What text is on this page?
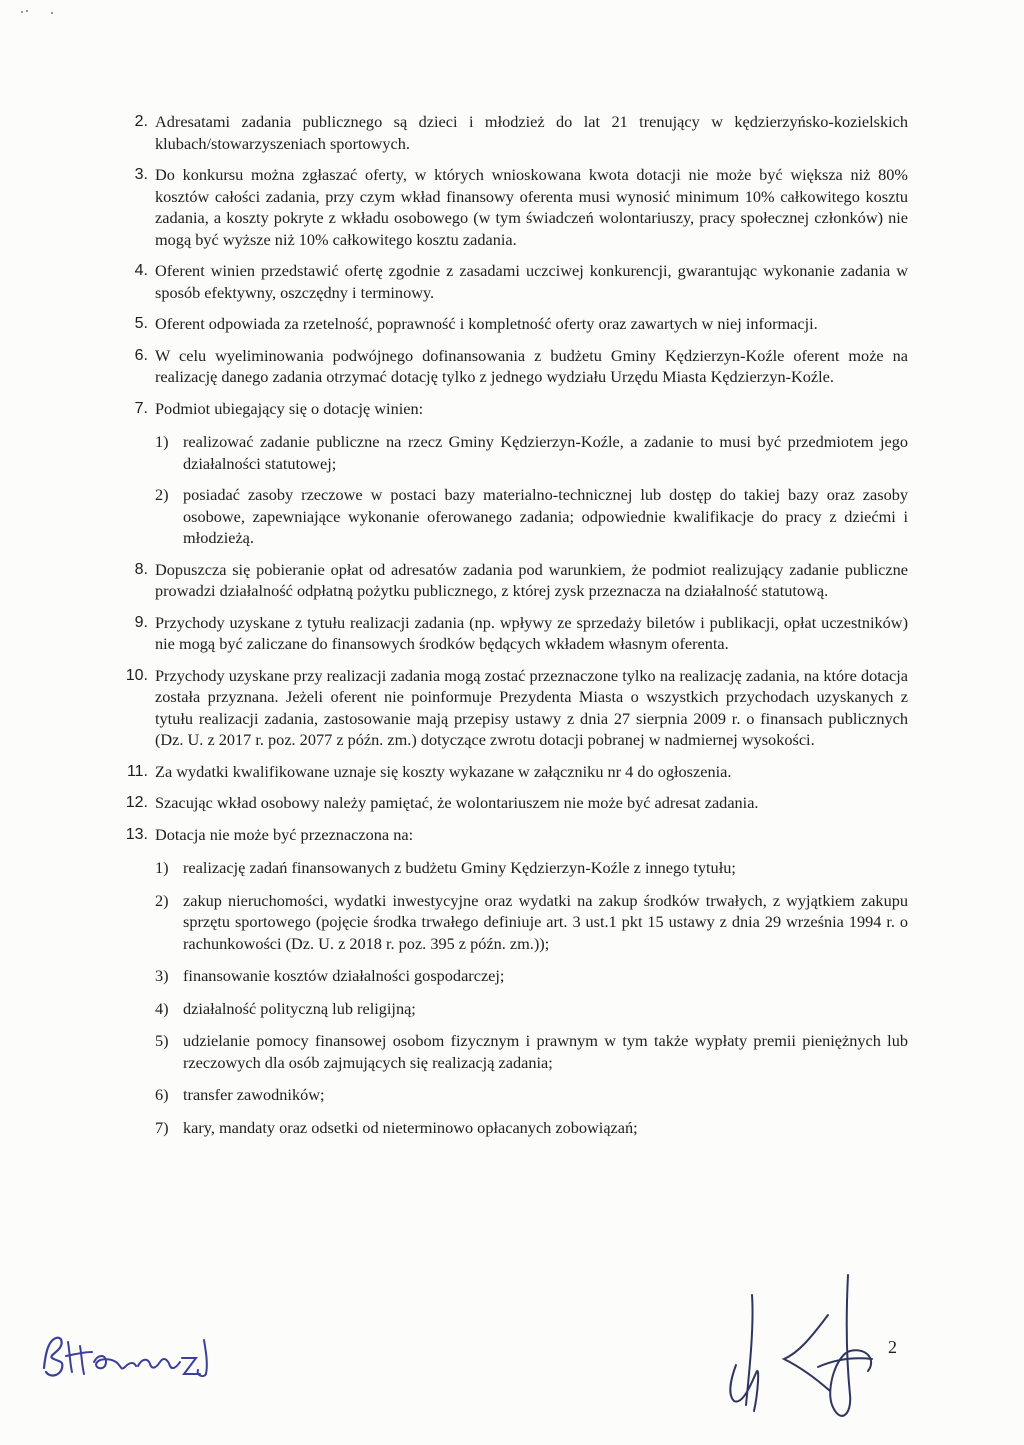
2. Adresatami zadania publicznego są dzieci i młodzież do lat 21 trenujący w kędzierzyńsko-kozielskich klubach/stowarzyszeniach sportowych.

3. Do konkursu można zgłaszać oferty, w których wnioskowana kwota dotacji nie może być większa niż 80% kosztów całości zadania, przy czym wkład finansowy oferenta musi wynosić minimum 10% całkowitego kosztu zadania, a koszty pokryte z wkładu osobowego (w tym świadczeń wolontariuszy, pracy społecznej członków) nie mogą być wyższe niż 10% całkowitego kosztu zadania.

4. Oferent winien przedstawić ofertę zgodnie z zasadami uczciwej konkurencji, gwarantując wykonanie zadania w sposób efektywny, oszczędny i terminowy.

5. Oferent odpowiada za rzetelność, poprawność i kompletność oferty oraz zawartych w niej informacji.

6. W celu wyeliminowania podwójnego dofinansowania z budżetu Gminy Kędzierzyn-Koźle oferent może na realizację danego zadania otrzymać dotację tylko z jednego wydziału Urzędu Miasta Kędzierzyn-Koźle.

7. Podmiot ubiegający się o dotację winien:

1) realizować zadanie publiczne na rzecz Gminy Kędzierzyn-Koźle, a zadanie to musi być przedmiotem jego działalności statutowej;

2) posiadać zasoby rzeczowe w postaci bazy materialno-technicznej lub dostęp do takiej bazy oraz zasoby osobowe, zapewniające wykonanie oferowanego zadania; odpowiednie kwalifikacje do pracy z dziećmi i młodzieżą.

8. Dopuszcza się pobieranie opłat od adresatów zadania pod warunkiem, że podmiot realizujący zadanie publiczne prowadzi działalność odpłatną pożytku publicznego, z której zysk przeznacza na działalność statutową.

9. Przychody uzyskane z tytułu realizacji zadania (np. wpływy ze sprzedaży biletów i publikacji, opłat uczestników) nie mogą być zaliczane do finansowych środków będących wkładem własnym oferenta.

10. Przychody uzyskane przy realizacji zadania mogą zostać przeznaczone tylko na realizację zadania, na które dotacja została przyznana. Jeżeli oferent nie poinformuje Prezydenta Miasta o wszystkich przychodach uzyskanych z tytułu realizacji zadania, zastosowanie mają przepisy ustawy z dnia 27 sierpnia 2009 r. o finansach publicznych (Dz. U. z 2017 r. poz. 2077 z późn. zm.) dotyczące zwrotu dotacji pobranej w nadmiernej wysokości.

11. Za wydatki kwalifikowane uznaje się koszty wykazane w załączniku nr 4 do ogłoszenia.

12. Szacując wkład osobowy należy pamiętać, że wolontariuszem nie może być adresat zadania.

13. Dotacja nie może być przeznaczona na:

1) realizację zadań finansowanych z budżetu Gminy Kędzierzyn-Koźle z innego tytułu;

2) zakup nieruchomości, wydatki inwestycyjne oraz wydatki na zakup środków trwałych, z wyjątkiem zakupu sprzętu sportowego (pojęcie środka trwałego definiuje art. 3 ust.1 pkt 15 ustawy z dnia 29 września 1994 r. o rachunkowości (Dz. U. z 2018 r. poz. 395 z późn. zm.));

3) finansowanie kosztów działalności gospodarczej;

4) działalność polityczną lub religijną;

5) udzielanie pomocy finansowej osobom fizycznym i prawnym w tym także wypłaty premii pieniężnych lub rzeczowych dla osób zajmujących się realizacją zadania;

6) transfer zawodników;

7) kary, mandaty oraz odsetki od nieterminowo opłacanych zobowiązań;

2
